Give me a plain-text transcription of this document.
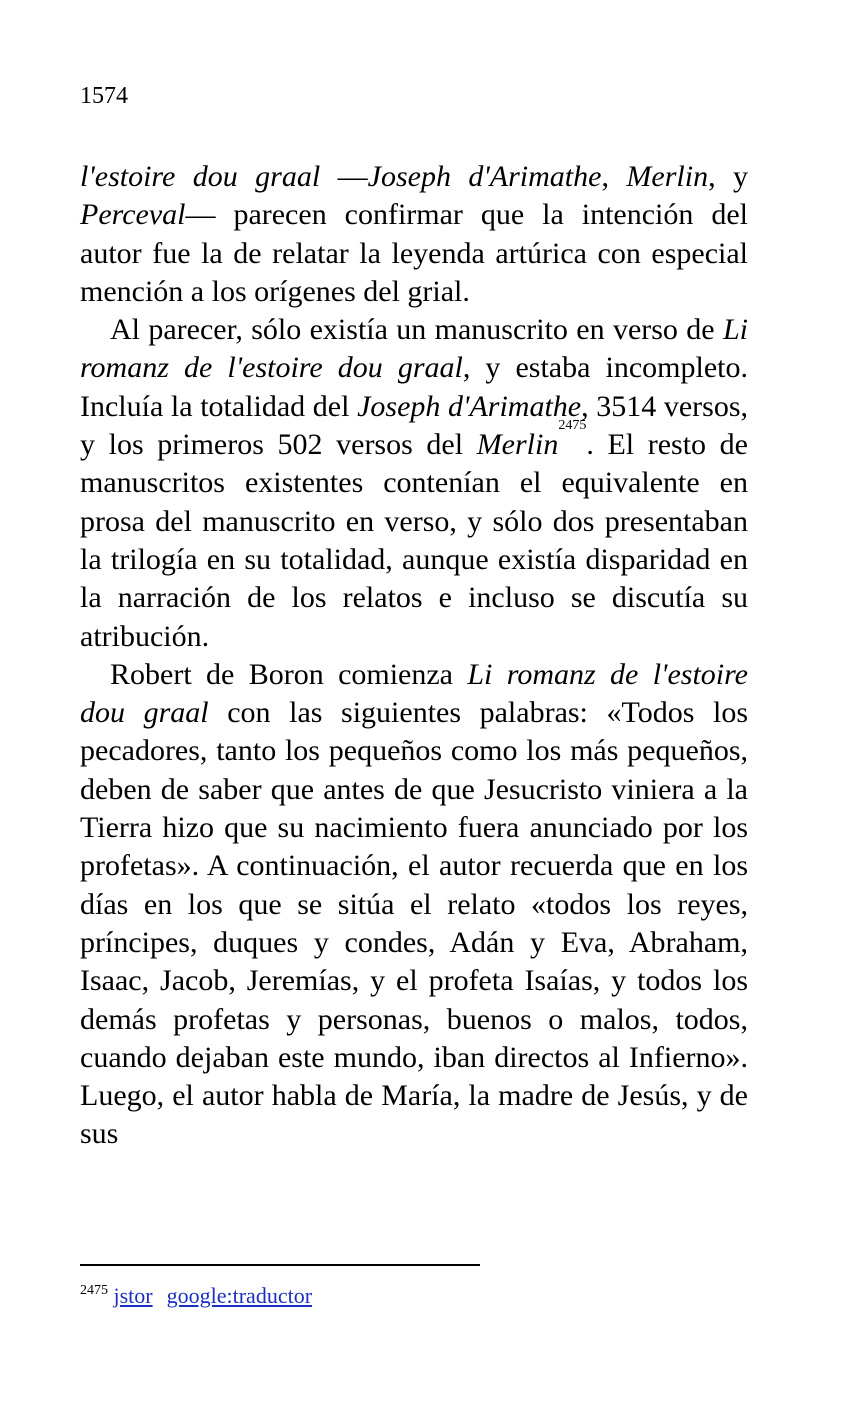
1574

l'estoire dou graal —Joseph d'Arimathe, Merlin, y Perceval— parecen confirmar que la intención del autor fue la de relatar la leyenda artúrica con especial mención a los orígenes del grial.

Al parecer, sólo existía un manuscrito en verso de Li romanz de l'estoire dou graal, y estaba incompleto. Incluía la totalidad del Joseph d'Arimathe, 3514 versos, y los primeros 502 versos del Merlin$^{2475}$. El resto de manuscritos existentes contenían el equivalente en prosa del manuscrito en verso, y sólo dos presentaban la trilogía en su totalidad, aunque existía disparidad en la narración de los relatos e incluso se discutía su atribución.

Robert de Boron comienza Li romanz de l'estoire dou graal con las siguientes palabras: «Todos los pecadores, tanto los pequeños como los más pequeños, deben de saber que antes de que Jesucristo viniera a la Tierra hizo que su nacimiento fuera anunciado por los profetas». A continuación, el autor recuerda que en los días en los que se sitúa el relato «todos los reyes, príncipes, duques y condes, Adán y Eva, Abraham, Isaac, Jacob, Jeremías, y el profeta Isaías, y todos los demás profetas y personas, buenos o malos, todos, cuando dejaban este mundo, iban directos al Infierno». Luego, el autor habla de María, la madre de Jesús, y de sus

$^{2475}$ jstor google:traductor
